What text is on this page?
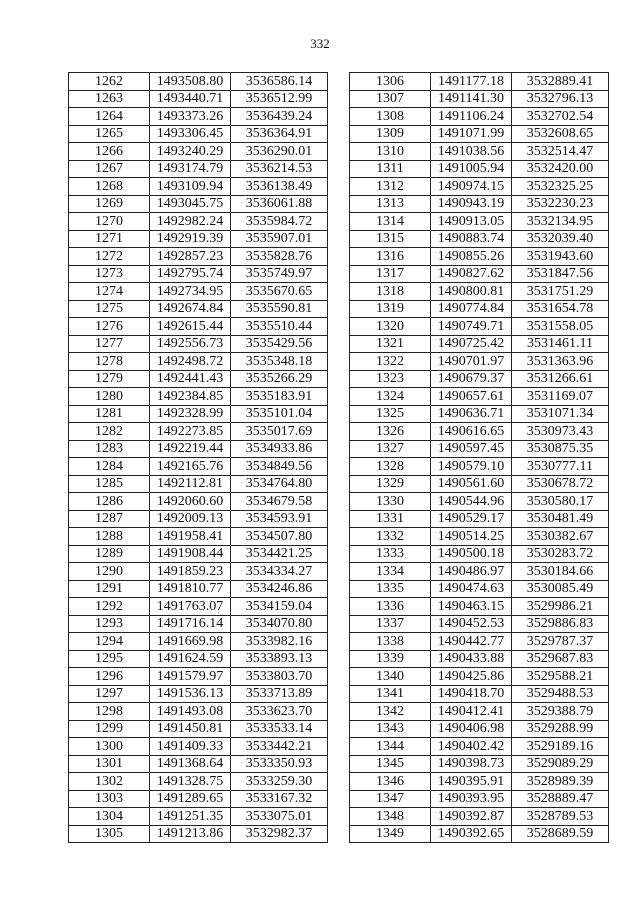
332
1262	1493508.80	3536586.14
1263	1493440.71	3536512.99
1264	1493373.26	3536439.24
1265	1493306.45	3536364.91
1266	1493240.29	3536290.01
1267	1493174.79	3536214.53
1268	1493109.94	3536138.49
1269	1493045.75	3536061.88
1270	1492982.24	3535984.72
1271	1492919.39	3535907.01
1272	1492857.23	3535828.76
1273	1492795.74	3535749.97
1274	1492734.95	3535670.65
1275	1492674.84	3535590.81
1276	1492615.44	3535510.44
1277	1492556.73	3535429.56
1278	1492498.72	3535348.18
1279	1492441.43	3535266.29
1280	1492384.85	3535183.91
1281	1492328.99	3535101.04
1282	1492273.85	3535017.69
1283	1492219.44	3534933.86
1284	1492165.76	3534849.56
1285	1492112.81	3534764.80
1286	1492060.60	3534679.58
1287	1492009.13	3534593.91
1288	1491958.41	3534507.80
1289	1491908.44	3534421.25
1290	1491859.23	3534334.27
1291	1491810.77	3534246.86
1292	1491763.07	3534159.04
1293	1491716.14	3534070.80
1294	1491669.98	3533982.16
1295	1491624.59	3533893.13
1296	1491579.97	3533803.70
1297	1491536.13	3533713.89
1298	1491493.08	3533623.70
1299	1491450.81	3533533.14
1300	1491409.33	3533442.21
1301	1491368.64	3533350.93
1302	1491328.75	3533259.30
1303	1491289.65	3533167.32
1304	1491251.35	3533075.01
1305	1491213.86	3532982.37
1306	1491177.18	3532889.41
1307	1491141.30	3532796.13
1308	1491106.24	3532702.54
1309	1491071.99	3532608.65
1310	1491038.56	3532514.47
1311	1491005.94	3532420.00
1312	1490974.15	3532325.25
1313	1490943.19	3532230.23
1314	1490913.05	3532134.95
1315	1490883.74	3532039.40
1316	1490855.26	3531943.60
1317	1490827.62	3531847.56
1318	1490800.81	3531751.29
1319	1490774.84	3531654.78
1320	1490749.71	3531558.05
1321	1490725.42	3531461.11
1322	1490701.97	3531363.96
1323	1490679.37	3531266.61
1324	1490657.61	3531169.07
1325	1490636.71	3531071.34
1326	1490616.65	3530973.43
1327	1490597.45	3530875.35
1328	1490579.10	3530777.11
1329	1490561.60	3530678.72
1330	1490544.96	3530580.17
1331	1490529.17	3530481.49
1332	1490514.25	3530382.67
1333	1490500.18	3530283.72
1334	1490486.97	3530184.66
1335	1490474.63	3530085.49
1336	1490463.15	3529986.21
1337	1490452.53	3529886.83
1338	1490442.77	3529787.37
1339	1490433.88	3529687.83
1340	1490425.86	3529588.21
1341	1490418.70	3529488.53
1342	1490412.41	3529388.79
1343	1490406.98	3529288.99
1344	1490402.42	3529189.16
1345	1490398.73	3529089.29
1346	1490395.91	3528989.39
1347	1490393.95	3528889.47
1348	1490392.87	3528789.53
1349	1490392.65	3528689.59
